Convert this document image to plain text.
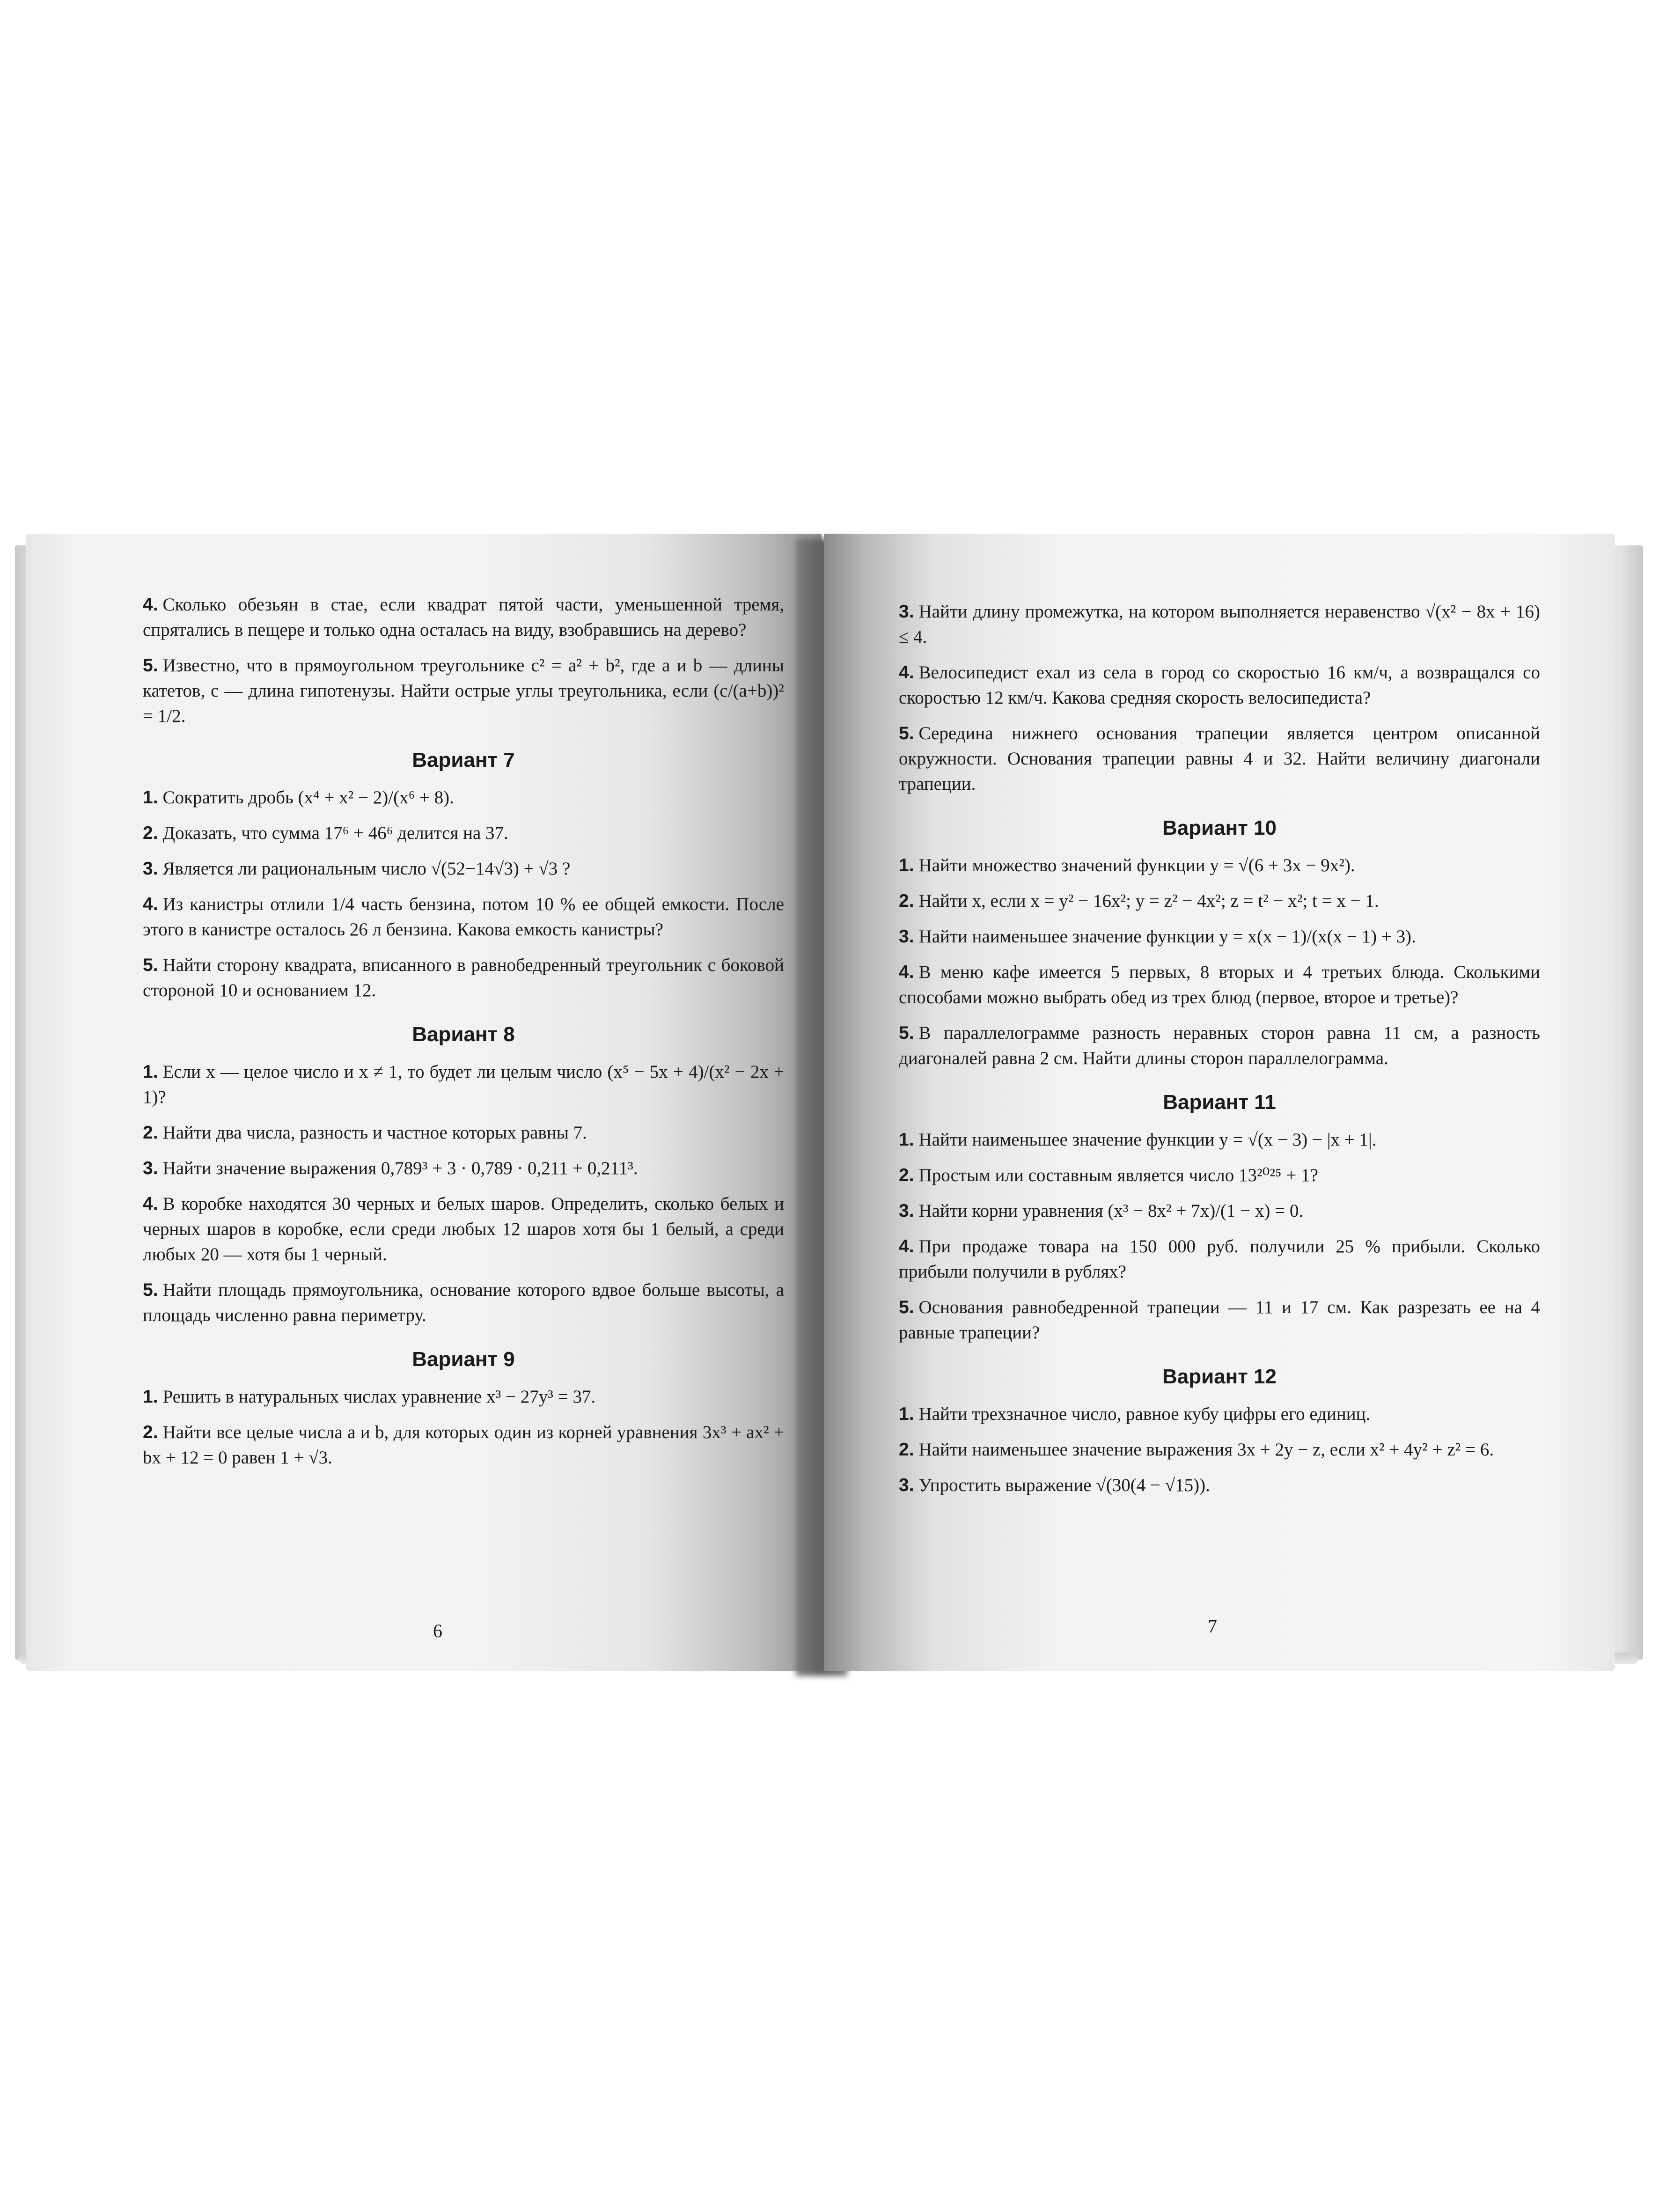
4. Сколько обезьян в стае, если квадрат пятой части, уменьшенной тремя, спрятались в пещере и только одна осталась на виду, взобравшись на дерево?

5. Известно, что в прямоугольном треугольнике c² = a² + b², где a и b — длины катетов, c — длина гипотенузы. Найти острые углы треугольника, если (c/(a+b))² = 1/2.

Вариант 7

1. Сократить дробь (x⁴ + x² − 2)/(x⁶ + 8).

2. Доказать, что сумма 17⁶ + 46⁶ делится на 37.

3. Является ли рациональным число √(52−14√3) + √3 ?

4. Из канистры отлили 1/4 часть бензина, потом 10 % ее общей емкости. После этого в канистре осталось 26 л бензина. Какова емкость канистры?

5. Найти сторону квадрата, вписанного в равнобедренный треугольник с боковой стороной 10 и основанием 12.

Вариант 8

1. Если x — целое число и x ≠ 1, то будет ли целым число (x⁵ − 5x + 4)/(x² − 2x + 1)?

2. Найти два числа, разность и частное которых равны 7.

3. Найти значение выражения 0,789³ + 3 · 0,789 · 0,211 + 0,211³.

4. В коробке находятся 30 черных и белых шаров. Определить, сколько белых и черных шаров в коробке, если среди любых 12 шаров хотя бы 1 белый, а среди любых 20 — хотя бы 1 черный.

5. Найти площадь прямоугольника, основание которого вдвое больше высоты, а площадь численно равна периметру.

Вариант 9

1. Решить в натуральных числах уравнение x³ − 27y³ = 37.

2. Найти все целые числа a и b, для которых один из корней уравнения 3x³ + ax² + bx + 12 = 0 равен 1 + √3.

6

3. Найти длину промежутка, на котором выполняется неравенство √(x² − 8x + 16) ≤ 4.

4. Велосипедист ехал из села в город со скоростью 16 км/ч, а возвращался со скоростью 12 км/ч. Какова средняя скорость велосипедиста?

5. Середина нижнего основания трапеции является центром описанной окружности. Основания трапеции равны 4 и 32. Найти величину диагонали трапеции.

Вариант 10

1. Найти множество значений функции y = √(6 + 3x − 9x²).

2. Найти x, если x = y² − 16x²; y = z² − 4x²; z = t² − x²; t = x − 1.

3. Найти наименьшее значение функции y = x(x − 1)/(x(x − 1) + 3).

4. В меню кафе имеется 5 первых, 8 вторых и 4 третьих блюда. Сколькими способами можно выбрать обед из трех блюд (первое, второе и третье)?

5. В параллелограмме разность неравных сторон равна 11 см, а разность диагоналей равна 2 см. Найти длины сторон параллелограмма.

Вариант 11

1. Найти наименьшее значение функции y = √(x − 3) − |x + 1|.

2. Простым или составным является число 13²⁰²⁵ + 1?

3. Найти корни уравнения (x³ − 8x² + 7x)/(1 − x) = 0.

4. При продаже товара на 150 000 руб. получили 25 % прибыли. Сколько прибыли получили в рублях?

5. Основания равнобедренной трапеции — 11 и 17 см. Как разрезать ее на 4 равные трапеции?

Вариант 12

1. Найти трехзначное число, равное кубу цифры его единиц.

2. Найти наименьшее значение выражения 3x + 2y − z, если x² + 4y² + z² = 6.

3. Упростить выражение √(30(4 − √15)).

7
